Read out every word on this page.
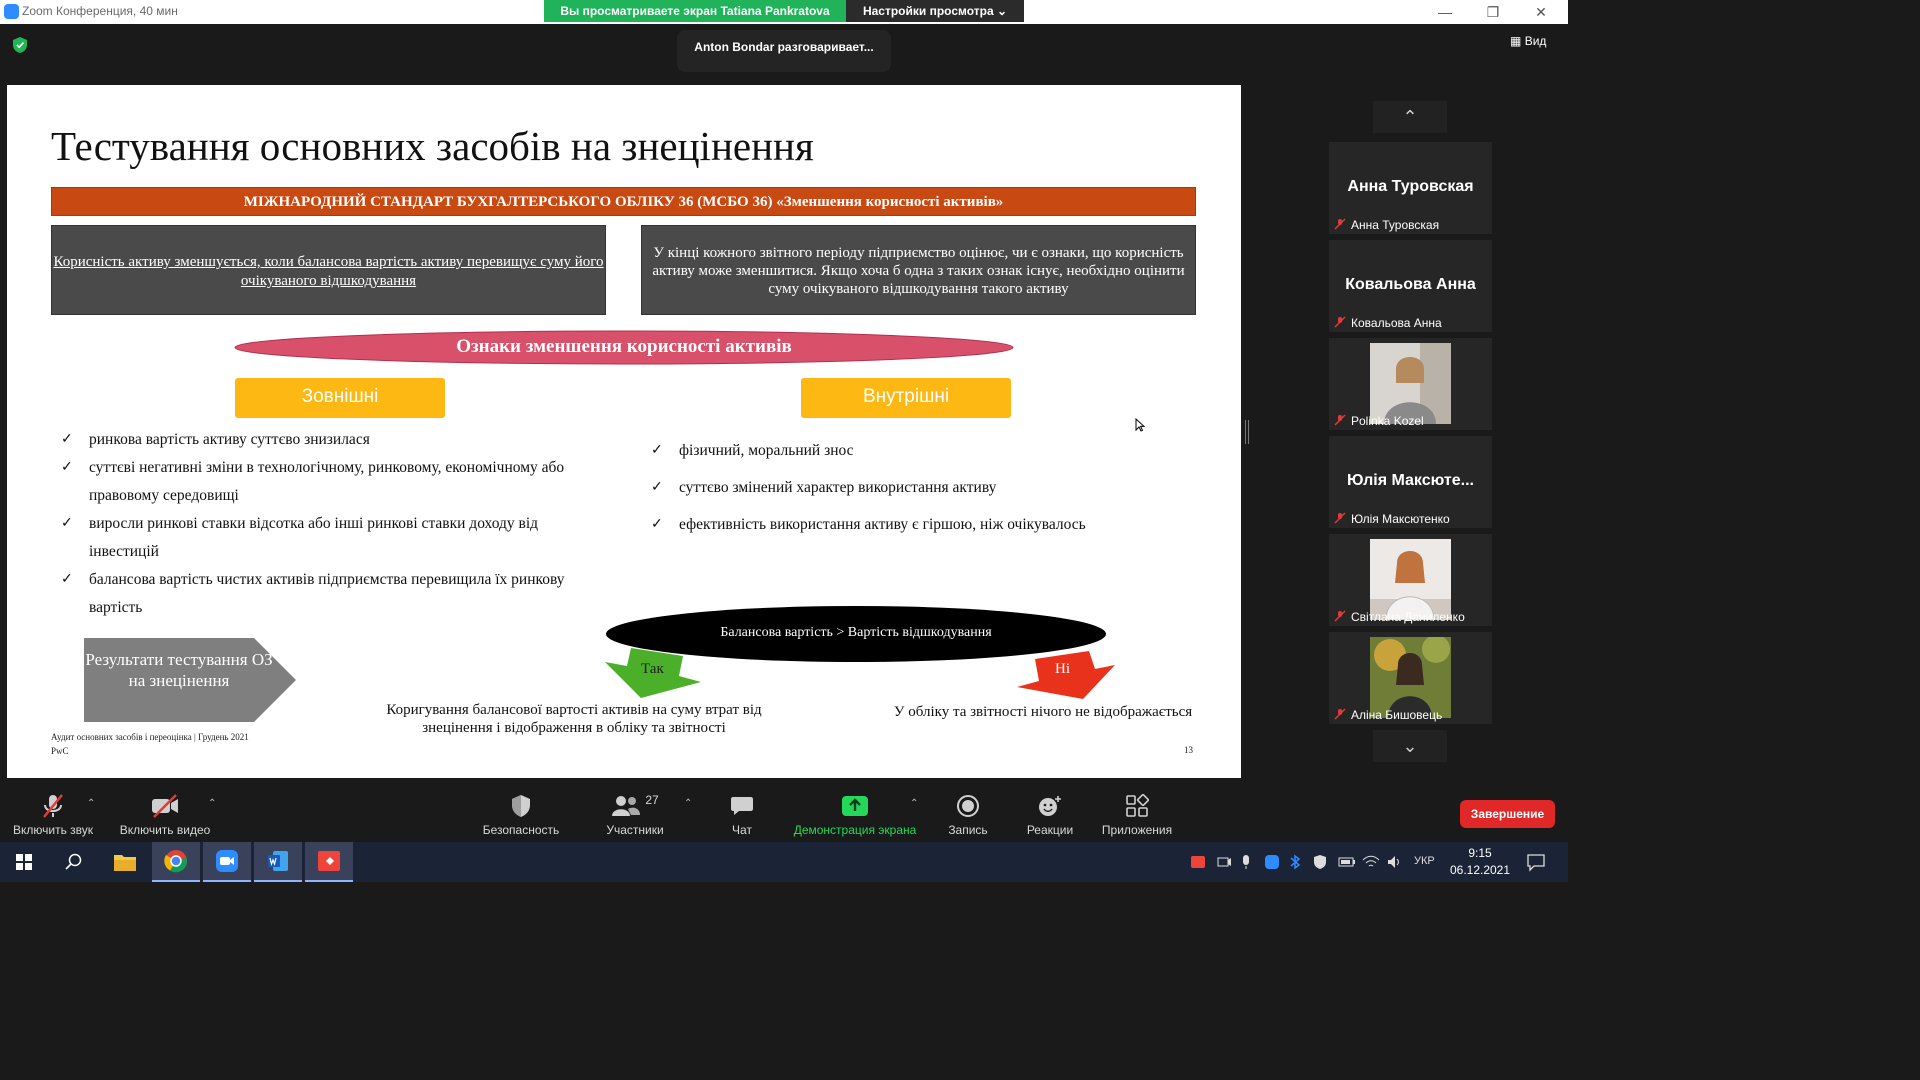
Zoom Конференция, 40 мин	—	❐	✕
Вы просматриваете экран Tatiana Pankratova	Настройки просмотра ⌄
Anton Bondar разговаривает...	▦ Вид
Тестування основних засобів на знецінення
МІЖНАРОДНИЙ СТАНДАРТ БУХГАЛТЕРСЬКОГО ОБЛІКУ 36 (МСБО 36) «Зменшення корисності активів»
Корисність активу зменшується, коли балансова вартість активу перевищує суму його очікуваного відшкодування
У кінці кожного звітного періоду підприємство оцінює, чи є ознаки, що корисність активу може зменшитися. Якщо хоча б одна з таких ознак існує, необхідно оцінити суму очікуваного відшкодування такого активу
Ознаки зменшення корисності активів
Зовнішні	Внутрішні
✓ ринкова вартість активу суттєво знизилася
✓ суттєві негативні зміни в технологічному, ринковому, економічному або правовому середовищі
✓ виросли ринкові ставки відсотка або інші ринкові ставки доходу від інвестицій
✓ балансова вартість чистих активів підприємства перевищила їх ринкову вартість
✓ фізичний, моральний знос
✓ суттєво змінений характер використання активу
✓ ефективність використання активу є гіршою, ніж очікувалось
Результати тестування ОЗ на знецінення
Балансова вартість > Вартість відшкодування
Так	Ні
Коригування балансової вартості активів на суму втрат від знецінення і відображення в обліку та звітності
У обліку та звітності нічого не відображається
Аудит основних засобів і переоцінка | Грудень 2021
PwC	13
⌃
Анна Туровская
Анна Туровская
Ковальова Анна
Ковальова Анна
Polinka Kozel
Юлія Максюте...
Юлія Максютенко
Світлана Даниленко
Аліна Бишовець
⌄
Включить звук
⌃
Включить видео
⌃
Безопасность
27
Участники
⌃
Чат	Демонстрация экрана
⌃
Запись	Реакции	Приложения
Завершение
УКР
9:15
06.12.2021
